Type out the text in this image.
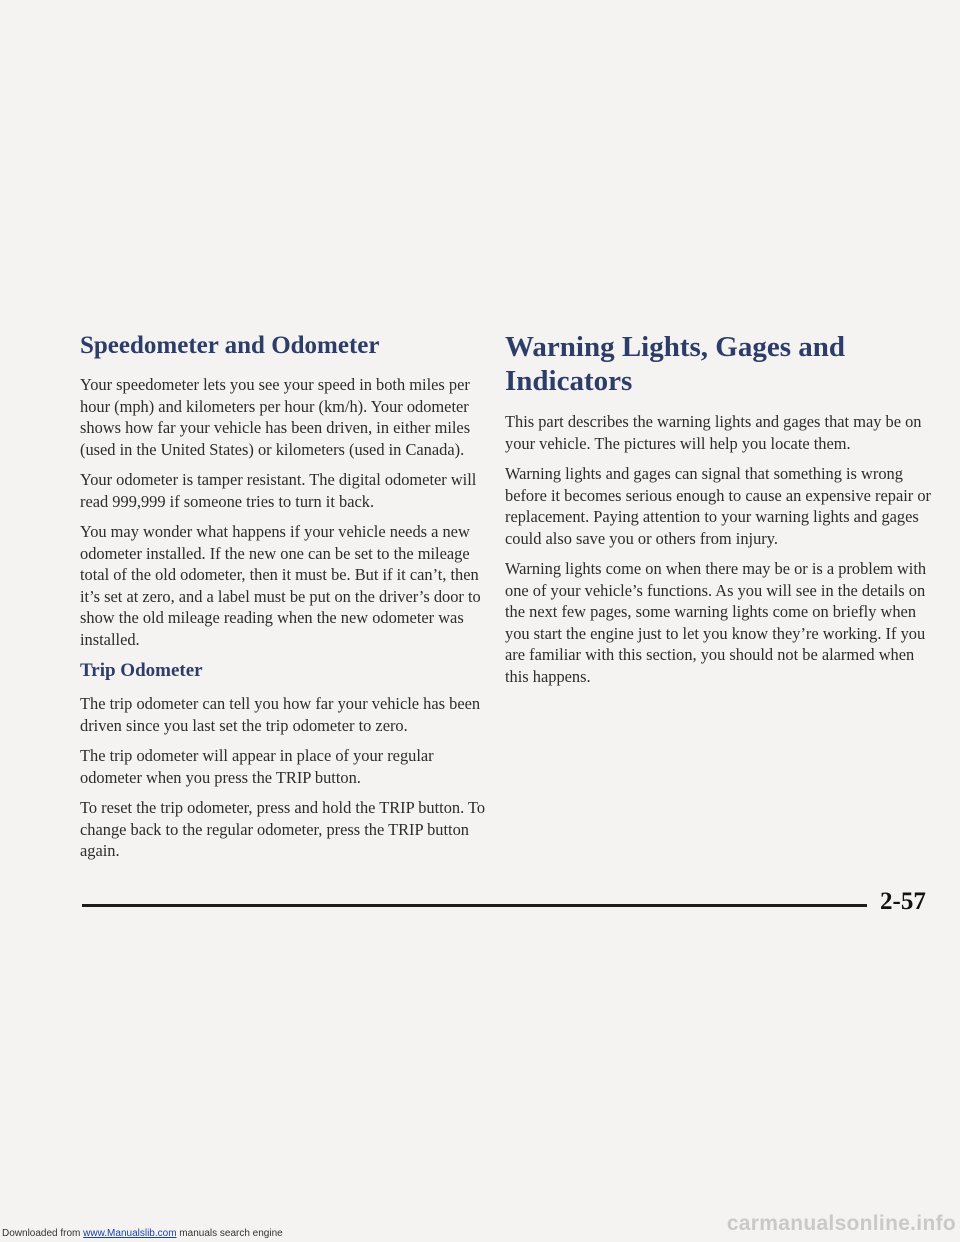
Speedometer and Odometer

Your speedometer lets you see your speed in both miles per hour (mph) and kilometers per hour (km/h). Your odometer shows how far your vehicle has been driven, in either miles (used in the United States) or kilometers (used in Canada).

Your odometer is tamper resistant. The digital odometer will read 999,999 if someone tries to turn it back.

You may wonder what happens if your vehicle needs a new odometer installed. If the new one can be set to the mileage total of the old odometer, then it must be. But if it can’t, then it’s set at zero, and a label must be put on the driver’s door to show the old mileage reading when the new odometer was installed.

Trip Odometer

The trip odometer can tell you how far your vehicle has been driven since you last set the trip odometer to zero.

The trip odometer will appear in place of your regular odometer when you press the TRIP button.

To reset the trip odometer, press and hold the TRIP button. To change back to the regular odometer, press the TRIP button again.

Warning Lights, Gages and Indicators

This part describes the warning lights and gages that may be on your vehicle. The pictures will help you locate them.

Warning lights and gages can signal that something is wrong before it becomes serious enough to cause an expensive repair or replacement. Paying attention to your warning lights and gages could also save you or others from injury.

Warning lights come on when there may be or is a problem with one of your vehicle’s functions. As you will see in the details on the next few pages, some warning lights come on briefly when you start the engine just to let you know they’re working. If you are familiar with this section, you should not be alarmed when this happens.

2-57
Downloaded from www.Manualslib.com manuals search engine	carmanualsonline.info
